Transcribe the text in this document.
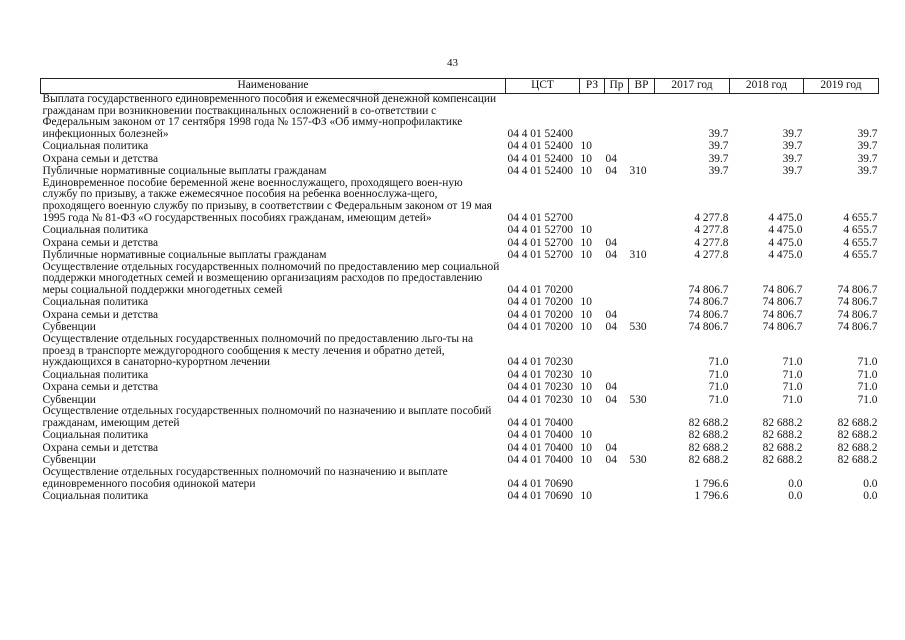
43
Наименование	ЦСТ	РЗ	Пр	ВР	2017 год	2018 год	2019 год
Выплата государственного единовременного пособия и ежемесячной денежной компенсации гражданам при возникновении поствакцинальных осложнений в со-ответствии с Федеральным законом от 17 сентября 1998 года № 157-ФЗ «Об имму-нопрофилактике инфекционных болезней»	04 4 01 52400				39.7	39.7	39.7
Социальная политика	04 4 01 52400	10			39.7	39.7	39.7
Охрана семьи и детства	04 4 01 52400	10	04		39.7	39.7	39.7
Публичные нормативные социальные выплаты гражданам	04 4 01 52400	10	04	310	39.7	39.7	39.7
Единовременное пособие беременной жене военнослужащего, проходящего воен-ную службу по призыву, а также ежемесячное пособия на ребенка военнослужа-щего, проходящего военную службу по призыву, в соответствии с Федеральным законом от 19 мая 1995 года № 81-ФЗ «О государственных пособиях гражданам, имеющим детей»	04 4 01 52700				4 277.8	4 475.0	4 655.7
Социальная политика	04 4 01 52700	10			4 277.8	4 475.0	4 655.7
Охрана семьи и детства	04 4 01 52700	10	04		4 277.8	4 475.0	4 655.7
Публичные нормативные социальные выплаты гражданам	04 4 01 52700	10	04	310	4 277.8	4 475.0	4 655.7
Осуществление отдельных государственных полномочий по предоставлению мер социальной поддержки многодетных семей и возмещению организациям расходов по предоставлению меры социальной поддержки многодетных семей	04 4 01 70200				74 806.7	74 806.7	74 806.7
Социальная политика	04 4 01 70200	10			74 806.7	74 806.7	74 806.7
Охрана семьи и детства	04 4 01 70200	10	04		74 806.7	74 806.7	74 806.7
Субвенции	04 4 01 70200	10	04	530	74 806.7	74 806.7	74 806.7
Осуществление отдельных государственных полномочий по предоставлению льго-ты на проезд в транспорте междугородного сообщения к месту лечения и обратно детей, нуждающихся в санаторно-курортном лечении	04 4 01 70230				71.0	71.0	71.0
Социальная политика	04 4 01 70230	10			71.0	71.0	71.0
Охрана семьи и детства	04 4 01 70230	10	04		71.0	71.0	71.0
Субвенции	04 4 01 70230	10	04	530	71.0	71.0	71.0
Осуществление отдельных государственных полномочий по назначению и выплате пособий гражданам, имеющим детей	04 4 01 70400				82 688.2	82 688.2	82 688.2
Социальная политика	04 4 01 70400	10			82 688.2	82 688.2	82 688.2
Охрана семьи и детства	04 4 01 70400	10	04		82 688.2	82 688.2	82 688.2
Субвенции	04 4 01 70400	10	04	530	82 688.2	82 688.2	82 688.2
Осуществление отдельных государственных полномочий по назначению и выплате единовременного пособия одинокой матери	04 4 01 70690				1 796.6	0.0	0.0
Социальная политика	04 4 01 70690	10			1 796.6	0.0	0.0
